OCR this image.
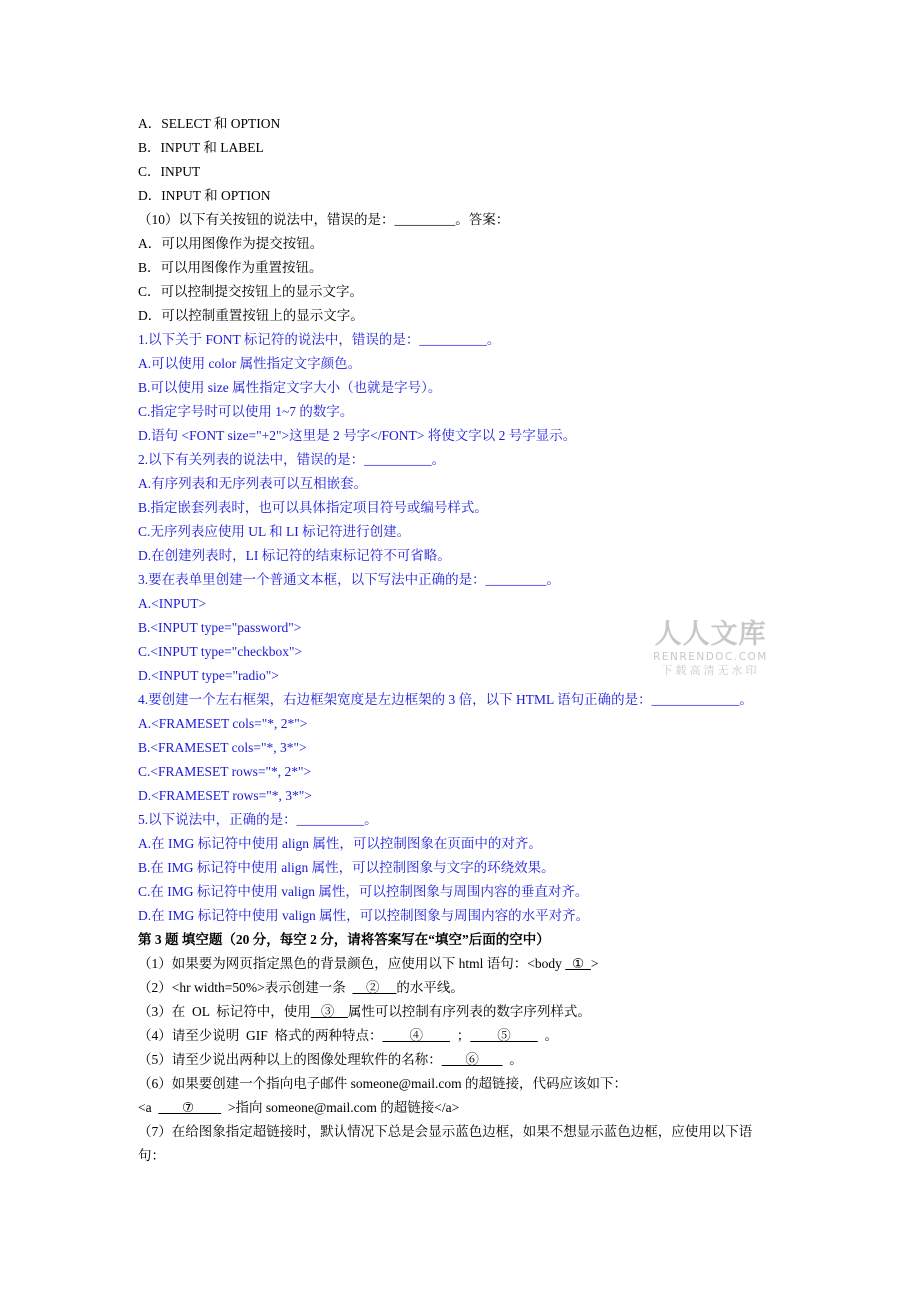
A．SELECT 和 OPTION
B．INPUT 和 LABEL
C．INPUT
D．INPUT 和 OPTION
（10）以下有关按钮的说法中，错误的是：_________。答案：
A．可以用图像作为提交按钮。
B．可以用图像作为重置按钮。
C．可以控制提交按钮上的显示文字。
D．可以控制重置按钮上的显示文字。
1.以下关于 FONT 标记符的说法中，错误的是：__________。
A.可以使用 color 属性指定文字颜色。
B.可以使用 size 属性指定文字大小（也就是字号）。
C.指定字号时可以使用 1~7 的数字。
D.语句 <FONT size="+2">这里是 2 号字</FONT> 将使文字以 2 号字显示。
2.以下有关列表的说法中，错误的是：__________。
A.有序列表和无序列表可以互相嵌套。
B.指定嵌套列表时，也可以具体指定项目符号或编号样式。
C.无序列表应使用 UL 和 LI 标记符进行创建。
D.在创建列表时，LI 标记符的结束标记符不可省略。
3.要在表单里创建一个普通文本框，以下写法中正确的是：_________。
A.<INPUT>
B.<INPUT type="password">
C.<INPUT type="checkbox">
D.<INPUT type="radio">
4.要创建一个左右框架，右边框架宽度是左边框架的 3 倍，以下 HTML 语句正确的是：_____________。
A.<FRAMESET cols="*, 2*">
B.<FRAMESET cols="*, 3*">
C.<FRAMESET rows="*, 2*">
D.<FRAMESET rows="*, 3*">
5.以下说法中，正确的是：__________。
A.在 IMG 标记符中使用 align 属性，可以控制图象在页面中的对齐。
B.在 IMG 标记符中使用 align 属性，可以控制图象与文字的环绕效果。
C.在 IMG 标记符中使用 valign 属性，可以控制图象与周围内容的垂直对齐。
D.在 IMG 标记符中使用 valign 属性，可以控制图象与周围内容的水平对齐。
第 3 题 填空题（20 分，每空 2 分，请将答案写在“填空”后面的空中）
（1）如果要为网页指定黑色的背景颜色，应使用以下 html 语句：<body   ①  >
（2）<hr width=50%>表示创建一条      ②     的水平线。
（3）在  OL  标记符中，使用   ③    属性可以控制有序列表的数字序列样式。
（4）请至少说明  GIF  格式的两种特点：        ④          ；        ⑤          。
（5）请至少说出两种以上的图像处理软件的名称：       ⑥         。
（6）如果要创建一个指向电子邮件 someone@mail.com 的超链接，代码应该如下：
<a         ⑦          >指向 someone@mail.com 的超链接</a>
（7）在给图象指定超链接时，默认情况下总是会显示蓝色边框，如果不想显示蓝色边框，应使用以下语
句：
人人文库
RENRENDOC.COM
下载高清无水印
